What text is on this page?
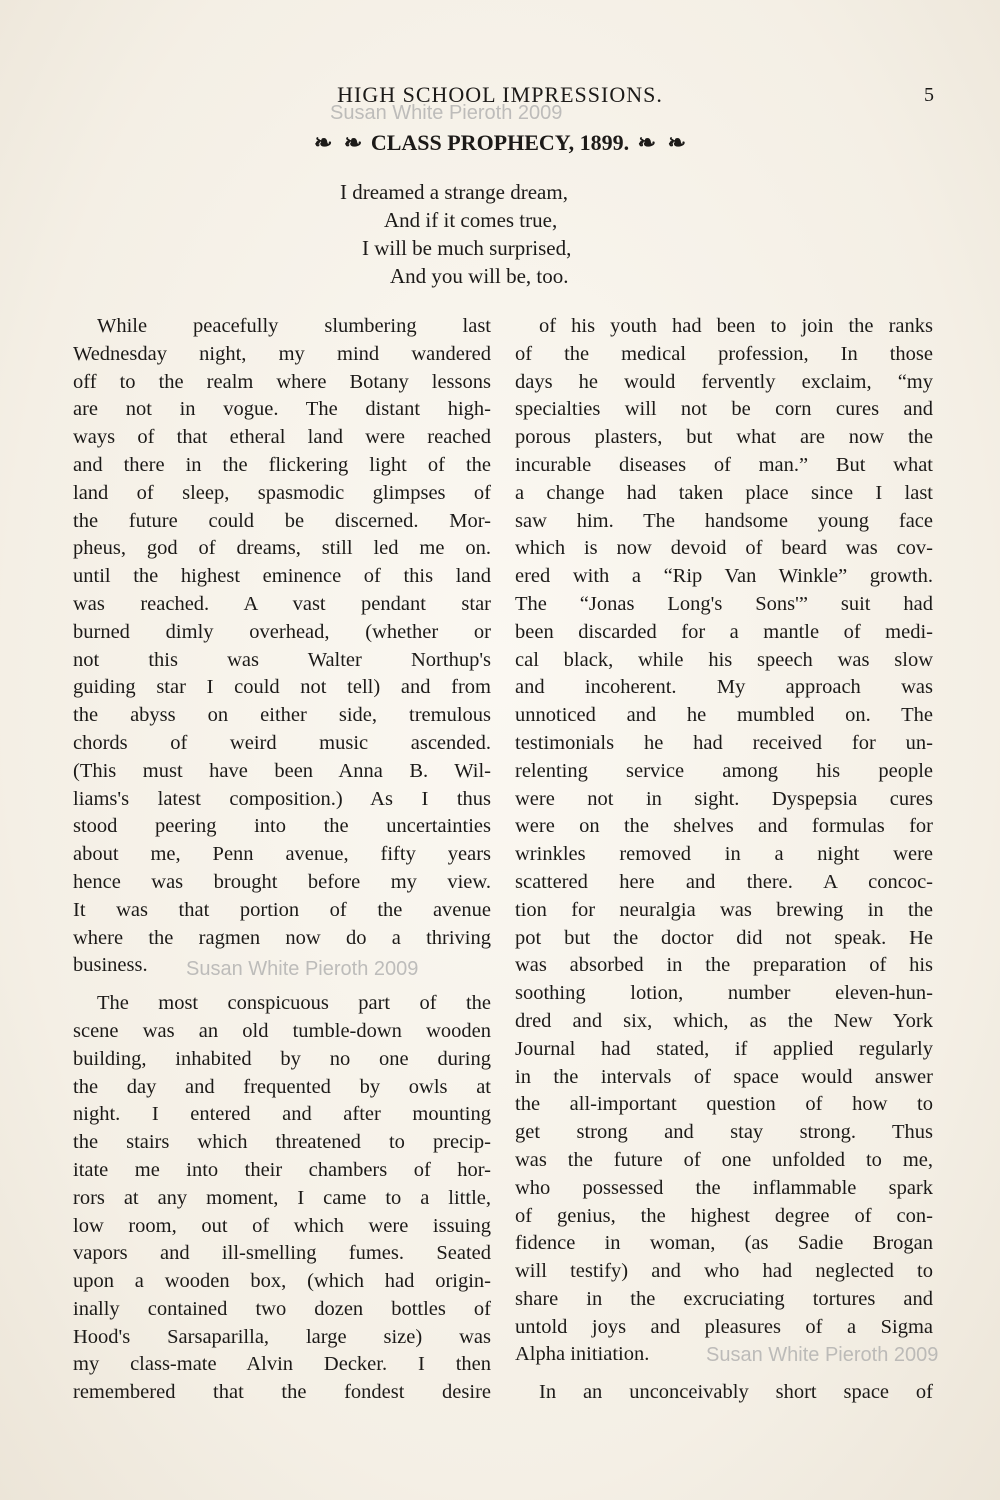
HIGH SCHOOL IMPRESSIONS.	5
Susan White Pieroth 2009
❧ ❧ CLASS PROPHECY, 1899. ❧ ❧
I dreamed a strange dream,
And if it comes true,
I will be much surprised,
And you will be, too.
While peacefully slumbering last
Wednesday night, my mind wandered
off to the realm where Botany lessons
are not in vogue. The distant high-
ways of that etheral land were reached
and there in the flickering light of the
land of sleep, spasmodic glimpses of
the future could be discerned. Mor-
pheus, god of dreams, still led me on.
until the highest eminence of this land
was reached. A vast pendant star
burned dimly overhead, (whether or
not this was Walter Northup's
guiding star I could not tell) and from
the abyss on either side, tremulous
chords of weird music ascended.
(This must have been Anna B. Wil-
liams's latest composition.) As I thus
stood peering into the uncertainties
about me, Penn avenue, fifty years
hence was brought before my view.
It was that portion of the avenue
where the ragmen now do a thriving
business.
The most conspicuous part of the
scene was an old tumble-down wooden
building, inhabited by no one during
the day and frequented by owls at
night. I entered and after mounting
the stairs which threatened to precip-
itate me into their chambers of hor-
rors at any moment, I came to a little,
low room, out of which were issuing
vapors and ill-smelling fumes. Seated
upon a wooden box, (which had origin-
inally contained two dozen bottles of
Hood's Sarsaparilla, large size) was
my class-mate Alvin Decker. I then
remembered that the fondest desire
of his youth had been to join the ranks
of the medical profession, In those
days he would fervently exclaim, “my
specialties will not be corn cures and
porous plasters, but what are now the
incurable diseases of man.” But what
a change had taken place since I last
saw him. The handsome young face
which is now devoid of beard was cov-
ered with a “Rip Van Winkle” growth.
The “Jonas Long's Sons'” suit had
been discarded for a mantle of medi-
cal black, while his speech was slow
and incoherent. My approach was
unnoticed and he mumbled on. The
testimonials he had received for un-
relenting service among his people
were not in sight. Dyspepsia cures
were on the shelves and formulas for
wrinkles removed in a night were
scattered here and there. A concoc-
tion for neuralgia was brewing in the
pot but the doctor did not speak. He
was absorbed in the preparation of his
soothing lotion, number eleven-hun-
dred and six, which, as the New York
Journal had stated, if applied regularly
in the intervals of space would answer
the all-important question of how to
get strong and stay strong. Thus
was the future of one unfolded to me,
who possessed the inflammable spark
of genius, the highest degree of con-
fidence in woman, (as Sadie Brogan
will testify) and who had neglected to
share in the excruciating tortures and
untold joys and pleasures of a Sigma
Alpha initiation.
In an unconceivably short space of
Susan White Pieroth 2009
Susan White Pieroth 2009
